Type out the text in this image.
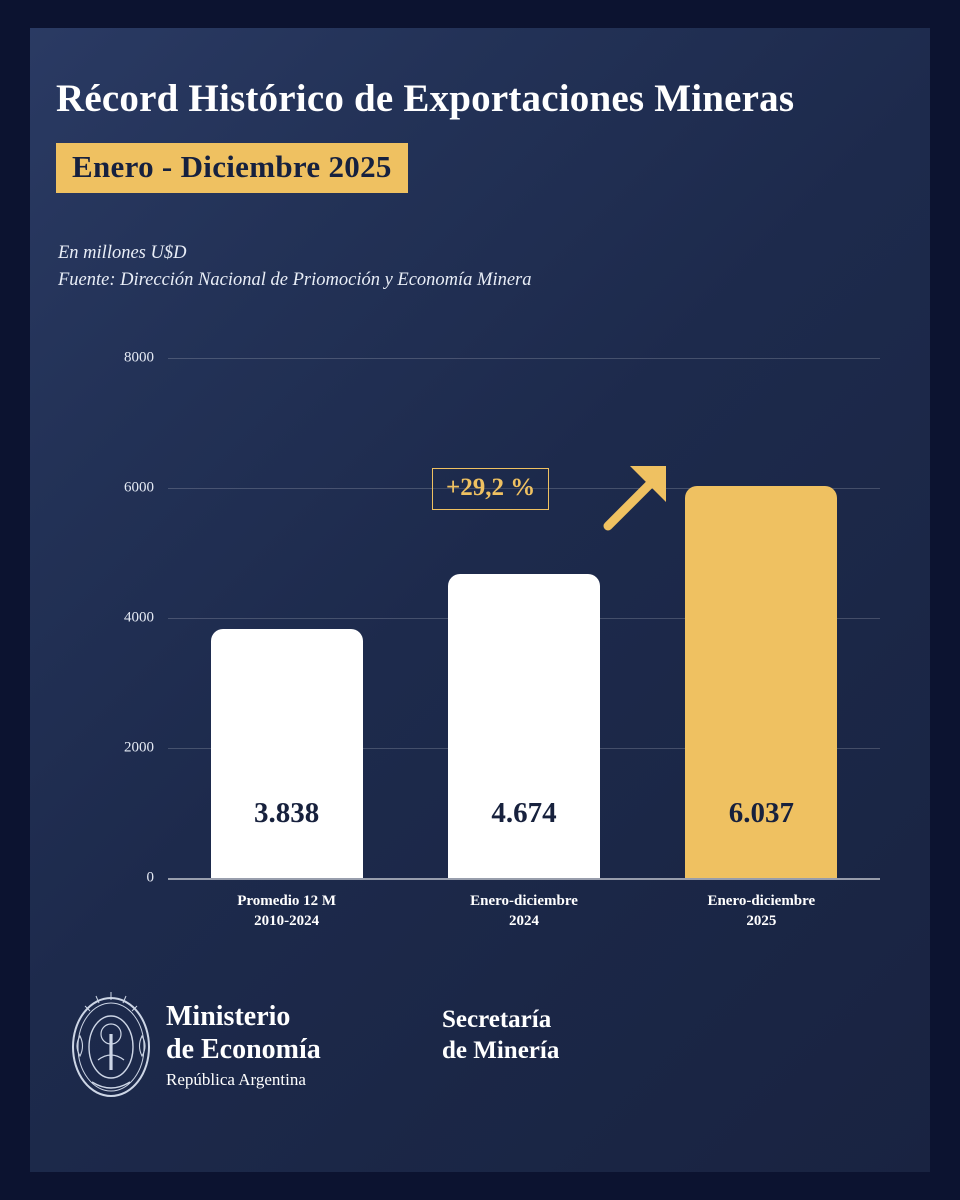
Récord Histórico de Exportaciones Mineras
Enero - Diciembre 2025
En millones U$D
Fuente: Dirección Nacional de Priomoción y Economía Minera
0
2000
4000
6000
8000
3.838	4.674	6.037
Promedio 12 M
2010-2024
Enero-diciembre
2024
Enero-diciembre
2025
+29,2 %
Ministerio
de Economía
República Argentina
Secretaría
de Minería
